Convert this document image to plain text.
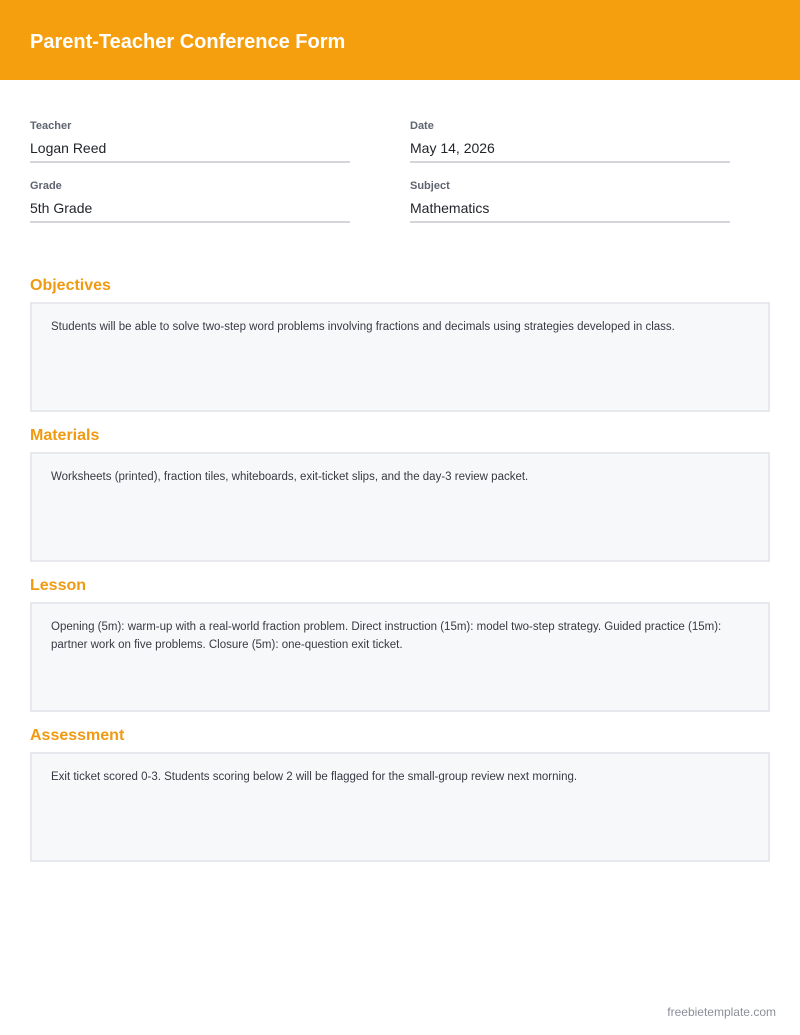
Parent-Teacher Conference Form
Teacher
Logan Reed
Date
May 14, 2026
Grade
5th Grade
Subject
Mathematics
Objectives
Students will be able to solve two-step word problems involving fractions and decimals using strategies developed in class.
Materials
Worksheets (printed), fraction tiles, whiteboards, exit-ticket slips, and the day-3 review packet.
Lesson
Opening (5m): warm-up with a real-world fraction problem. Direct instruction (15m): model two-step strategy. Guided practice (15m): partner work on five problems. Closure (5m): one-question exit ticket.
Assessment
Exit ticket scored 0-3. Students scoring below 2 will be flagged for the small-group review next morning.
freebietemplate.com
